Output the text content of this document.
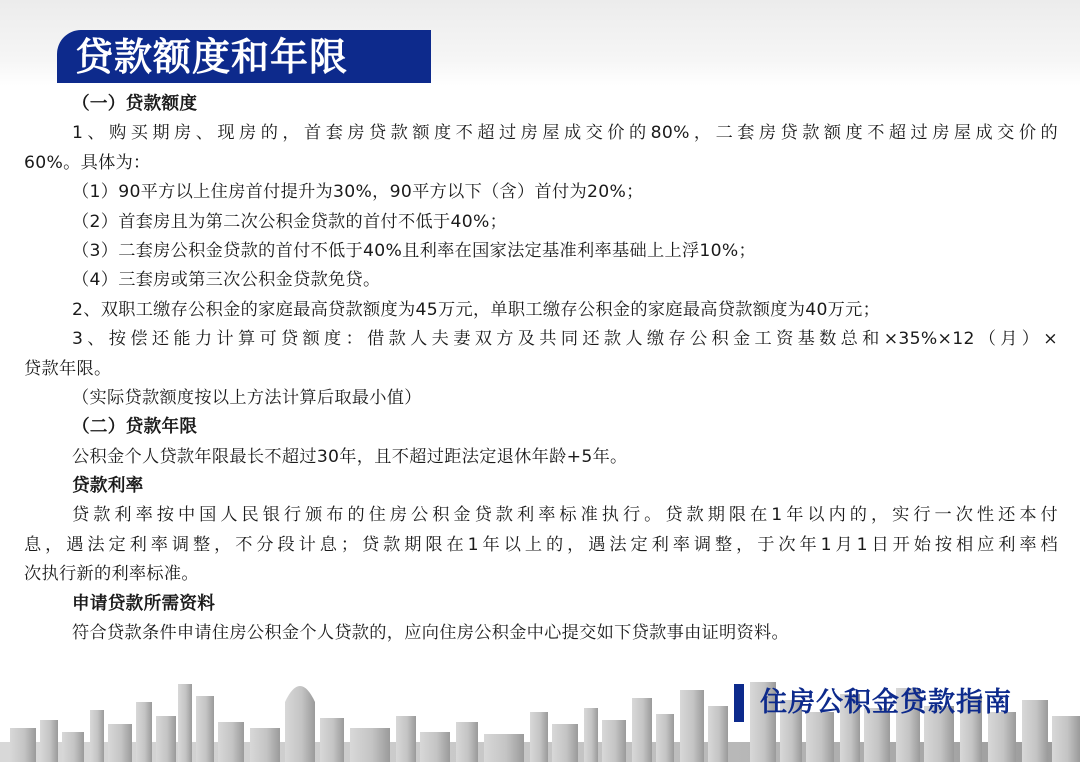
贷款额度和年限
（一）贷款额度
1、购买期房、现房的，首套房贷款额度不超过房屋成交价的80%，二套房贷款额度不超过房屋成交价的
60%。具体为：
（1）90平方以上住房首付提升为30%，90平方以下（含）首付为20%；
（2）首套房且为第二次公积金贷款的首付不低于40%；
（3）二套房公积金贷款的首付不低于40%且利率在国家法定基准利率基础上上浮10%；
（4）三套房或第三次公积金贷款免贷。
2、双职工缴存公积金的家庭最高贷款额度为45万元，单职工缴存公积金的家庭最高贷款额度为40万元；
3、按偿还能力计算可贷额度：借款人夫妻双方及共同还款人缴存公积金工资基数总和×35%×12（月）×
贷款年限。
（实际贷款额度按以上方法计算后取最小值）
（二）贷款年限
公积金个人贷款年限最长不超过30年，且不超过距法定退休年龄+5年。
贷款利率
贷款利率按中国人民银行颁布的住房公积金贷款利率标准执行。贷款期限在1年以内的，实行一次性还本付
息，遇法定利率调整，不分段计息；贷款期限在1年以上的，遇法定利率调整，于次年1月1日开始按相应利率档
次执行新的利率标准。
申请贷款所需资料
符合贷款条件申请住房公积金个人贷款的，应向住房公积金中心提交如下贷款事由证明资料。
住房公积金贷款指南
